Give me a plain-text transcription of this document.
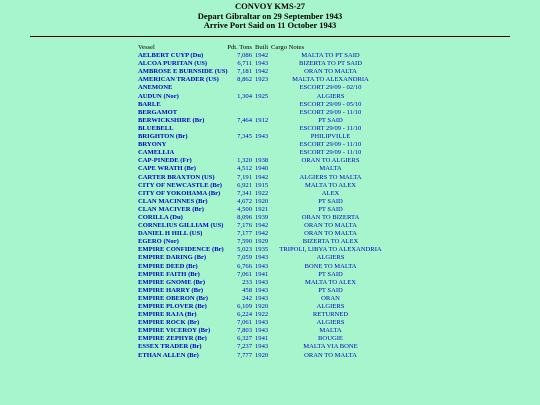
CONVOY KMS-27
Depart Gibraltar on 29 September 1943
Arrive Port Said on 11 October 1943
Vessel	Pdt. Tons Built Cargo Notes
AELBERT CUYP (Du)	7,086 1942	MALTA TO PT SAID
ALCOA PURITAN (US)	6,711 1943	BIZERTA TO PT SAID
AMBROSE E BURNSIDE (US)	7,181 1942	ORAN TO MALTA
AMERICAN TRADER (US)	8,862 1923	MALTA TO ALEXANDRIA
ANEMONE	ESCORT 29/09 - 02/10
AUDUN (Nor)	1,304 1925	ALGIERS
BARLE	ESCORT 29/09 - 05/10
BERGAMOT	ESCORT 29/09 - 11/10
BERWICKSHIRE (Br)	7,464 1912	PT SAID
BLUEBELL	ESCORT 29/09 - 11/10
BRIGHTON (Br)	7,345 1943	PHILIPVILLE
BRYONY	ESCORT 29/09 - 11/10
CAMELLIA	ESCORT 29/09 - 11/10
CAP-PINEDE (Fr)	1,320 1938	ORAN TO ALGIERS
CAPE WRATH (Br)	4,512 1940	MALTA
CARTER BRAXTON (US)	7,191 1942	ALGIERS TO MALTA
CITY OF NEWCASTLE (Br)	6,921 1915	MALTA TO ALEX
CITY OF YOKOHAMA (Br)	7,341 1922	ALEX
CLAN MACINNES (Br)	4,672 1920	PT SAID
CLAN MACIVER (Br)	4,500 1921	PT SAID
CORILLA (Du)	8,096 1939	ORAN TO BIZERTA
CORNELIUS GILLIAM (US)	7,176 1942	ORAN TO MALTA
DANIEL H HILL (US)	7,177 1942	ORAN TO MALTA
EGERO (Nor)	7,590 1929	BIZERTA TO ALEX
EMPIRE CONFIDENCE (Br)	5,023 1935	TRIPOLI, LIBYA TO ALEXANDRIA
EMPIRE DARING (Br)	7,059 1943	ALGIERS
EMPIRE DEED (Br)	6,766 1943	BONE TO MALTA
EMPIRE FAITH (Br)	7,061 1941	PT SAID
EMPIRE GNOME (Br)	233 1943	MALTA TO ALEX
EMPIRE HARRY (Br)	458 1943	PT SAID
EMPIRE OBERON (Br)	242 1943	ORAN
EMPIRE PLOVER (Br)	6,109 1920	ALGIERS
EMPIRE RAJA (Br)	6,224 1922	RETURNED
EMPIRE ROCK (Br)	7,061 1943	ALGIERS
EMPIRE VICEROY (Br)	7,803 1943	MALTA
EMPIRE ZEPHYR (Br)	6,327 1941	BOUGIE
ESSEX TRADER (Br)	7,237 1943	MALTA VIA BONE
ETHAN ALLEN (Br)	7,777 1920	ORAN TO MALTA
